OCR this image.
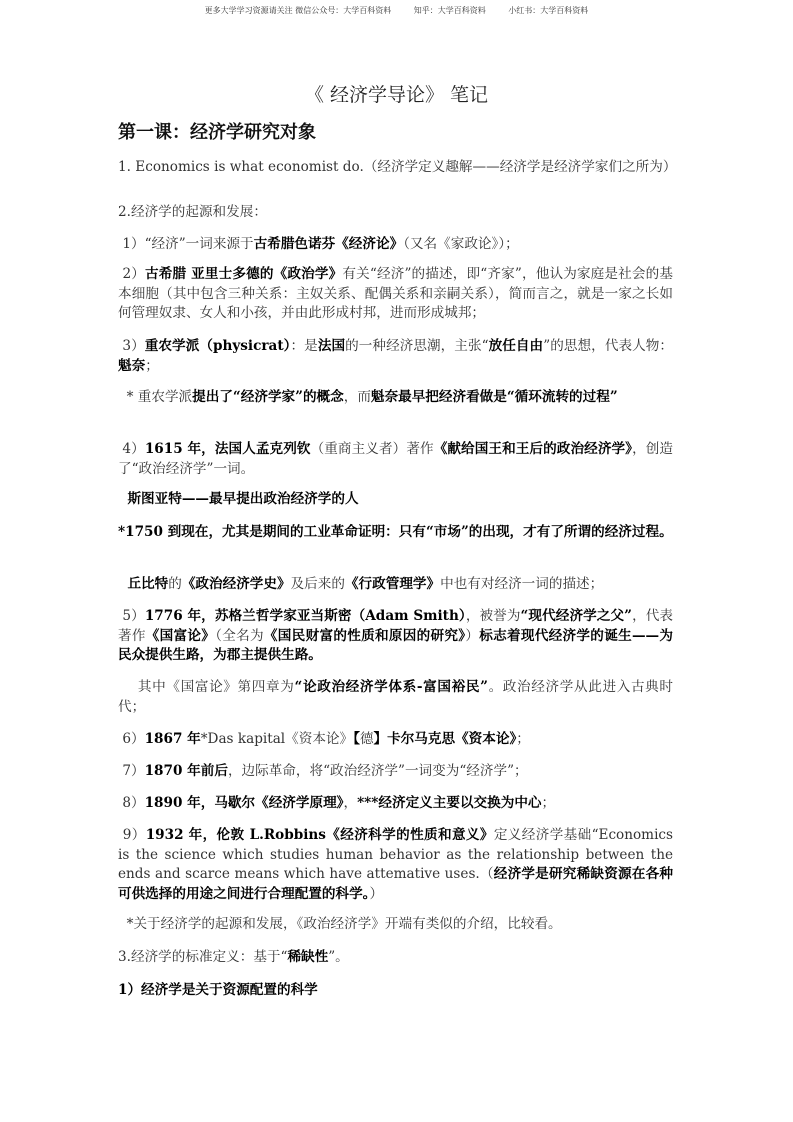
更多大学学习资源请关注 微信公众号：大学百科资料	知乎：大学百科资料	小红书：大学百科资料
《 经济学导论》 笔记
第一课：经济学研究对象
1. Economics is what economist do.（经济学定义趣解——经济学是经济学家们之所为）
2.经济学的起源和发展：
1）“经济”一词来源于古希腊色诺芬《经济论》（又名《家政论》）；
2）古希腊 亚里士多德的《政治学》有关“经济”的描述，即“齐家”，他认为家庭是社会的基本细胞（其中包含三种关系：主奴关系、配偶关系和亲嗣关系），简而言之，就是一家之长如何管理奴隶、女人和小孩，并由此形成村邦，进而形成城邦；
3）重农学派（physicrat）：是法国的一种经济思潮，主张“放任自由”的思想，代表人物：魁奈；
* 重农学派提出了“经济学家”的概念，而魁奈最早把经济看做是“循环流转的过程”
4）1615 年，法国人孟克列钦（重商主义者）著作《献给国王和王后的政治经济学》，创造了“政治经济学”一词。
斯图亚特——最早提出政治经济学的人
*1750 到现在，尤其是期间的工业革命证明：只有“市场”的出现，才有了所谓的经济过程。
丘比特的《政治经济学史》及后来的《行政管理学》中也有对经济一词的描述；
5）1776 年，苏格兰哲学家亚当斯密（Adam Smith），被誉为“现代经济学之父”，代表著作《国富论》（全名为《国民财富的性质和原因的研究》）标志着现代经济学的诞生——为民众提供生路，为郡主提供生路。
其中《国富论》第四章为“论政治经济学体系-富国裕民”。政治经济学从此进入古典时代；
6）1867 年*Das kapital《资本论》【德】卡尔马克思《资本论》；
7）1870 年前后，边际革命，将“政治经济学”一词变为“经济学”；
8）1890 年，马歇尔《经济学原理》，***经济定义主要以交换为中心；
9）1932 年，伦敦 L.Robbins《经济科学的性质和意义》定义经济学基础“Economics is the science which studies human behavior as the relationship between the ends and scarce means which have attemative uses.（经济学是研究稀缺资源在各种可供选择的用途之间进行合理配置的科学。）
*关于经济学的起源和发展，《政治经济学》开端有类似的介绍，比较看。
3.经济学的标准定义：基于“稀缺性”。
1）经济学是关于资源配置的科学
